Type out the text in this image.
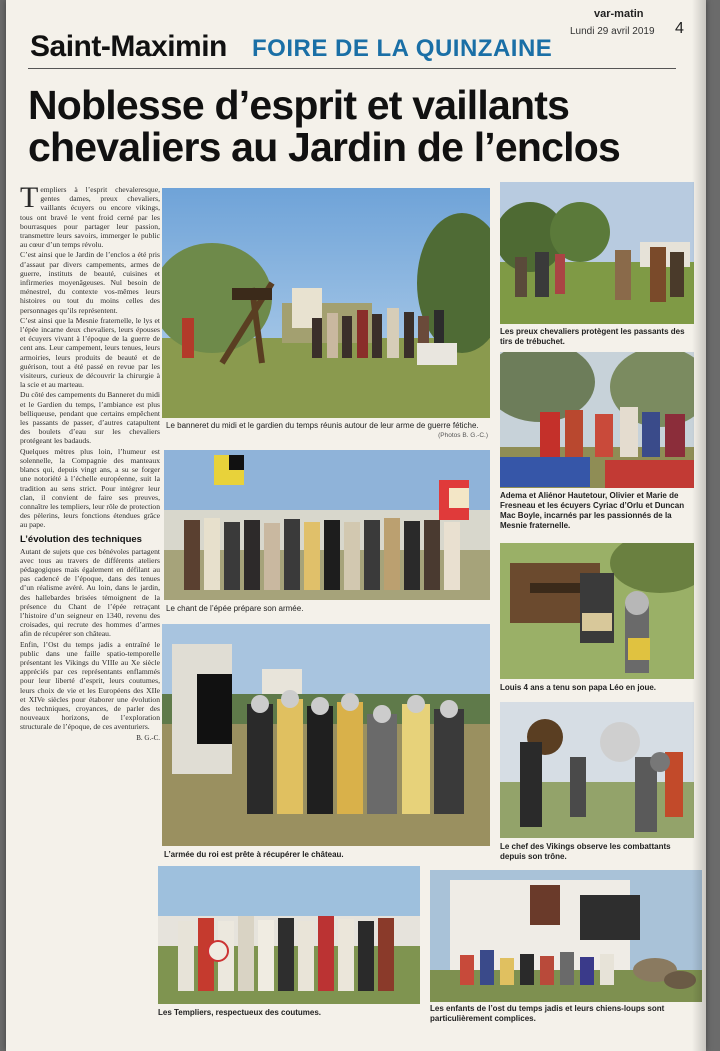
var-matin
Lundi 29 avril 2019 4
Saint-Maximin FOIRE DE LA QUINZAINE
Noblesse d’esprit et vaillants
chevaliers au Jardin de l’enclos

Templiers à l’esprit chevaleresque, gentes dames, preux chevaliers, vaillants écuyers ou encore vikings, tous ont bravé le vent froid cerné par les bourrasques pour partager leur passion, transmettre leurs savoirs, immerger le public au cœur d’un temps révolu.

C’est ainsi que le Jardin de l’enclos a été pris d’assaut par divers campements, armes de guerre, instituts de beauté, cuisines et infirmeries moyenâgeuses. Nul besoin de ménestrel, du contexte vos-mêmes leurs histoires ou tout du moins celles des personnages qu’ils représentent.

C’est ainsi que la Mesnie fraternelle, le lys et l’épée incarne deux chevaliers, leurs épouses et écuyers vivant à l’époque de la guerre de cent ans. Leur campement, leurs tenues, leurs armoiries, leurs produits de beauté et de guérison, tout a été passé en revue par les visiteurs, curieux de découvrir la chirurgie à la scie et au marteau.

Du côté des campements du Banneret du midi et le Gardien du temps, l’ambiance est plus belliqueuse, pendant que certains empêchent les passants de passer, d’autres catapultent des boulets d’eau sur les chevaliers protégeant les badauds.

Quelques mètres plus loin, l’humeur est solennelle, la Compagnie des manteaux blancs qui, depuis vingt ans, a su se forger une notoriété à l’échelle européenne, suit la tradition au sens strict. Pour intégrer leur clan, il convient de faire ses preuves, connaître les templiers, leur rôle de protection des pèlerins, leurs fonctions étendues grâce au pape.

L’évolution des techniques

Autant de sujets que ces bénévoles partagent avec tous au travers de différents ateliers pédagogiques mais également en défilant au pas cadencé de l’époque, dans des tenues d’un réalisme avéré. Au loin, dans le jardin, des hallebardes brisées témoignent de la présence du Chant de l’épée retraçant l’histoire d’un seigneur en 1340, revenu des croisades, qui recrute des hommes d’armes afin de récupérer son château.

Enfin, l’Ost du temps jadis a entraîné le public dans une faille spatio-temporelle présentant les Vikings du VIIIe au Xe siècle appréciés par ces représentants enflammés pour leur liberté d’esprit, leurs coutumes, leurs choix de vie et les Européens des XIIe et XIVe siècles pour étaborer une évolution des techniques, croyances, de parler des nouveaux horizons, de l’exploration structurale de l’époque, de ces aventuriers.

B. G.-C.
Le banneret du midi et le gardien du temps réunis autour de leur arme de guerre fétiche.
(Photos B. G.-C.)
Les preux chevaliers protègent les passants des tirs de trébuchet.
Adema et Aliénor Hautetour, Olivier et Marie de Fresneau et les écuyers Cyriac d’Orlu et Duncan Mac Boyle, incarnés par les passionnés de la Mesnie fraternelle.
Le chant de l’épée prépare son armée.
Louis 4 ans a tenu son papa Léo en joue.
L’armée du roi est prête à récupérer le château.
Le chef des Vikings observe les combattants depuis son trône.
Les Templiers, respectueux des coutumes.	Les enfants de l’ost du temps jadis et leurs chiens-loups sont particulièrement complices.
